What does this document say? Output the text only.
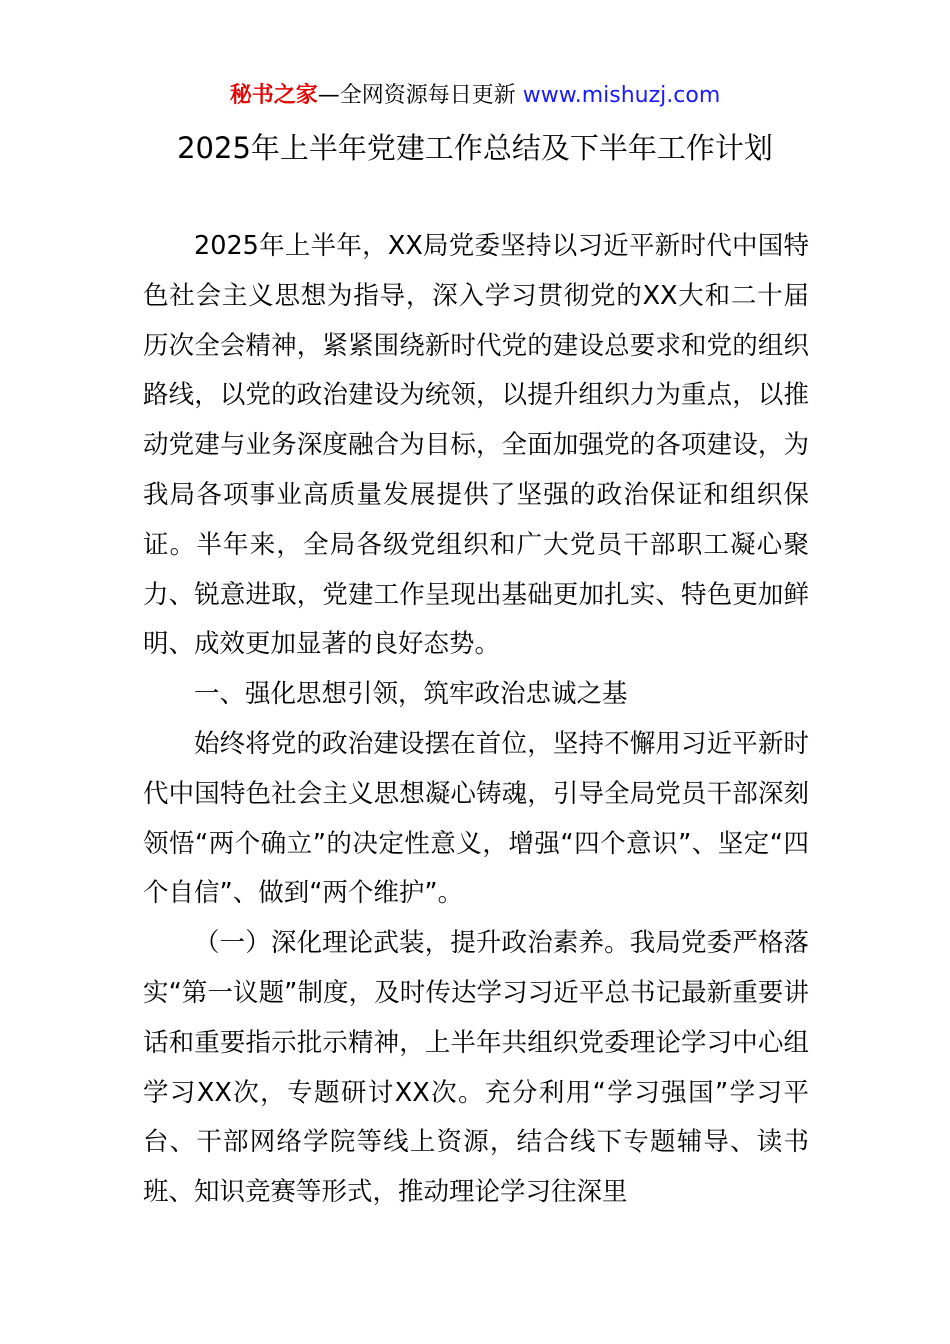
秘书之家—全网资源每日更新 www.mishuzj.com
2025年上半年党建工作总结及下半年工作计划

2025年上半年，XX局党委坚持以习近平新时代中国特色社会主义思想为指导，深入学习贯彻党的XX大和二十届历次全会精神，紧紧围绕新时代党的建设总要求和党的组织路线，以党的政治建设为统领，以提升组织力为重点，以推动党建与业务深度融合为目标，全面加强党的各项建设，为我局各项事业高质量发展提供了坚强的政治保证和组织保证。半年来，全局各级党组织和广大党员干部职工凝心聚力、锐意进取，党建工作呈现出基础更加扎实、特色更加鲜明、成效更加显著的良好态势。

一、强化思想引领，筑牢政治忠诚之基

始终将党的政治建设摆在首位，坚持不懈用习近平新时代中国特色社会主义思想凝心铸魂，引导全局党员干部深刻领悟“两个确立”的决定性意义，增强“四个意识”、坚定“四个自信”、做到“两个维护”。

（一）深化理论武装，提升政治素养。我局党委严格落实“第一议题”制度，及时传达学习习近平总书记最新重要讲话和重要指示批示精神，上半年共组织党委理论学习中心组学习XX次，专题研讨XX次。充分利用“学习强国”学习平台、干部网络学院等线上资源，结合线下专题辅导、读书班、知识竞赛等形式，推动理论学习往深里
